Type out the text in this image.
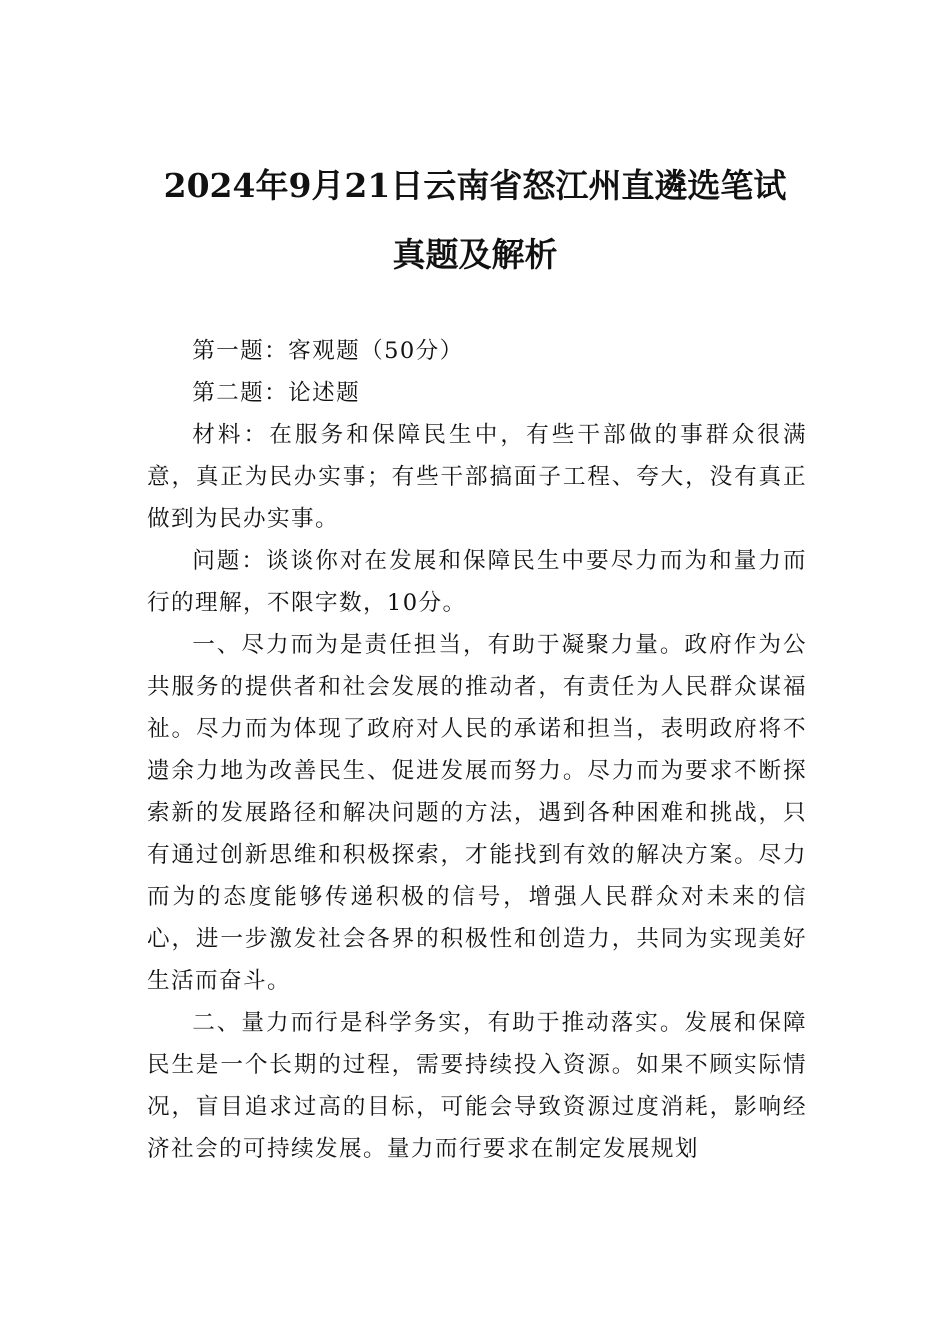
2024年9月21日云南省怒江州直遴选笔试
真题及解析

第一题：客观题（50分）

第二题：论述题

材料：在服务和保障民生中，有些干部做的事群众很满意，真正为民办实事；有些干部搞面子工程、夸大，没有真正做到为民办实事。

问题：谈谈你对在发展和保障民生中要尽力而为和量力而行的理解，不限字数，10分。

一、尽力而为是责任担当，有助于凝聚力量。政府作为公共服务的提供者和社会发展的推动者，有责任为人民群众谋福祉。尽力而为体现了政府对人民的承诺和担当，表明政府将不遗余力地为改善民生、促进发展而努力。尽力而为要求不断探索新的发展路径和解决问题的方法，遇到各种困难和挑战，只有通过创新思维和积极探索，才能找到有效的解决方案。尽力而为的态度能够传递积极的信号，增强人民群众对未来的信心，进一步激发社会各界的积极性和创造力，共同为实现美好生活而奋斗。

二、量力而行是科学务实，有助于推动落实。发展和保障民生是一个长期的过程，需要持续投入资源。如果不顾实际情况，盲目追求过高的目标，可能会导致资源过度消耗，影响经济社会的可持续发展。量力而行要求在制定发展规划
